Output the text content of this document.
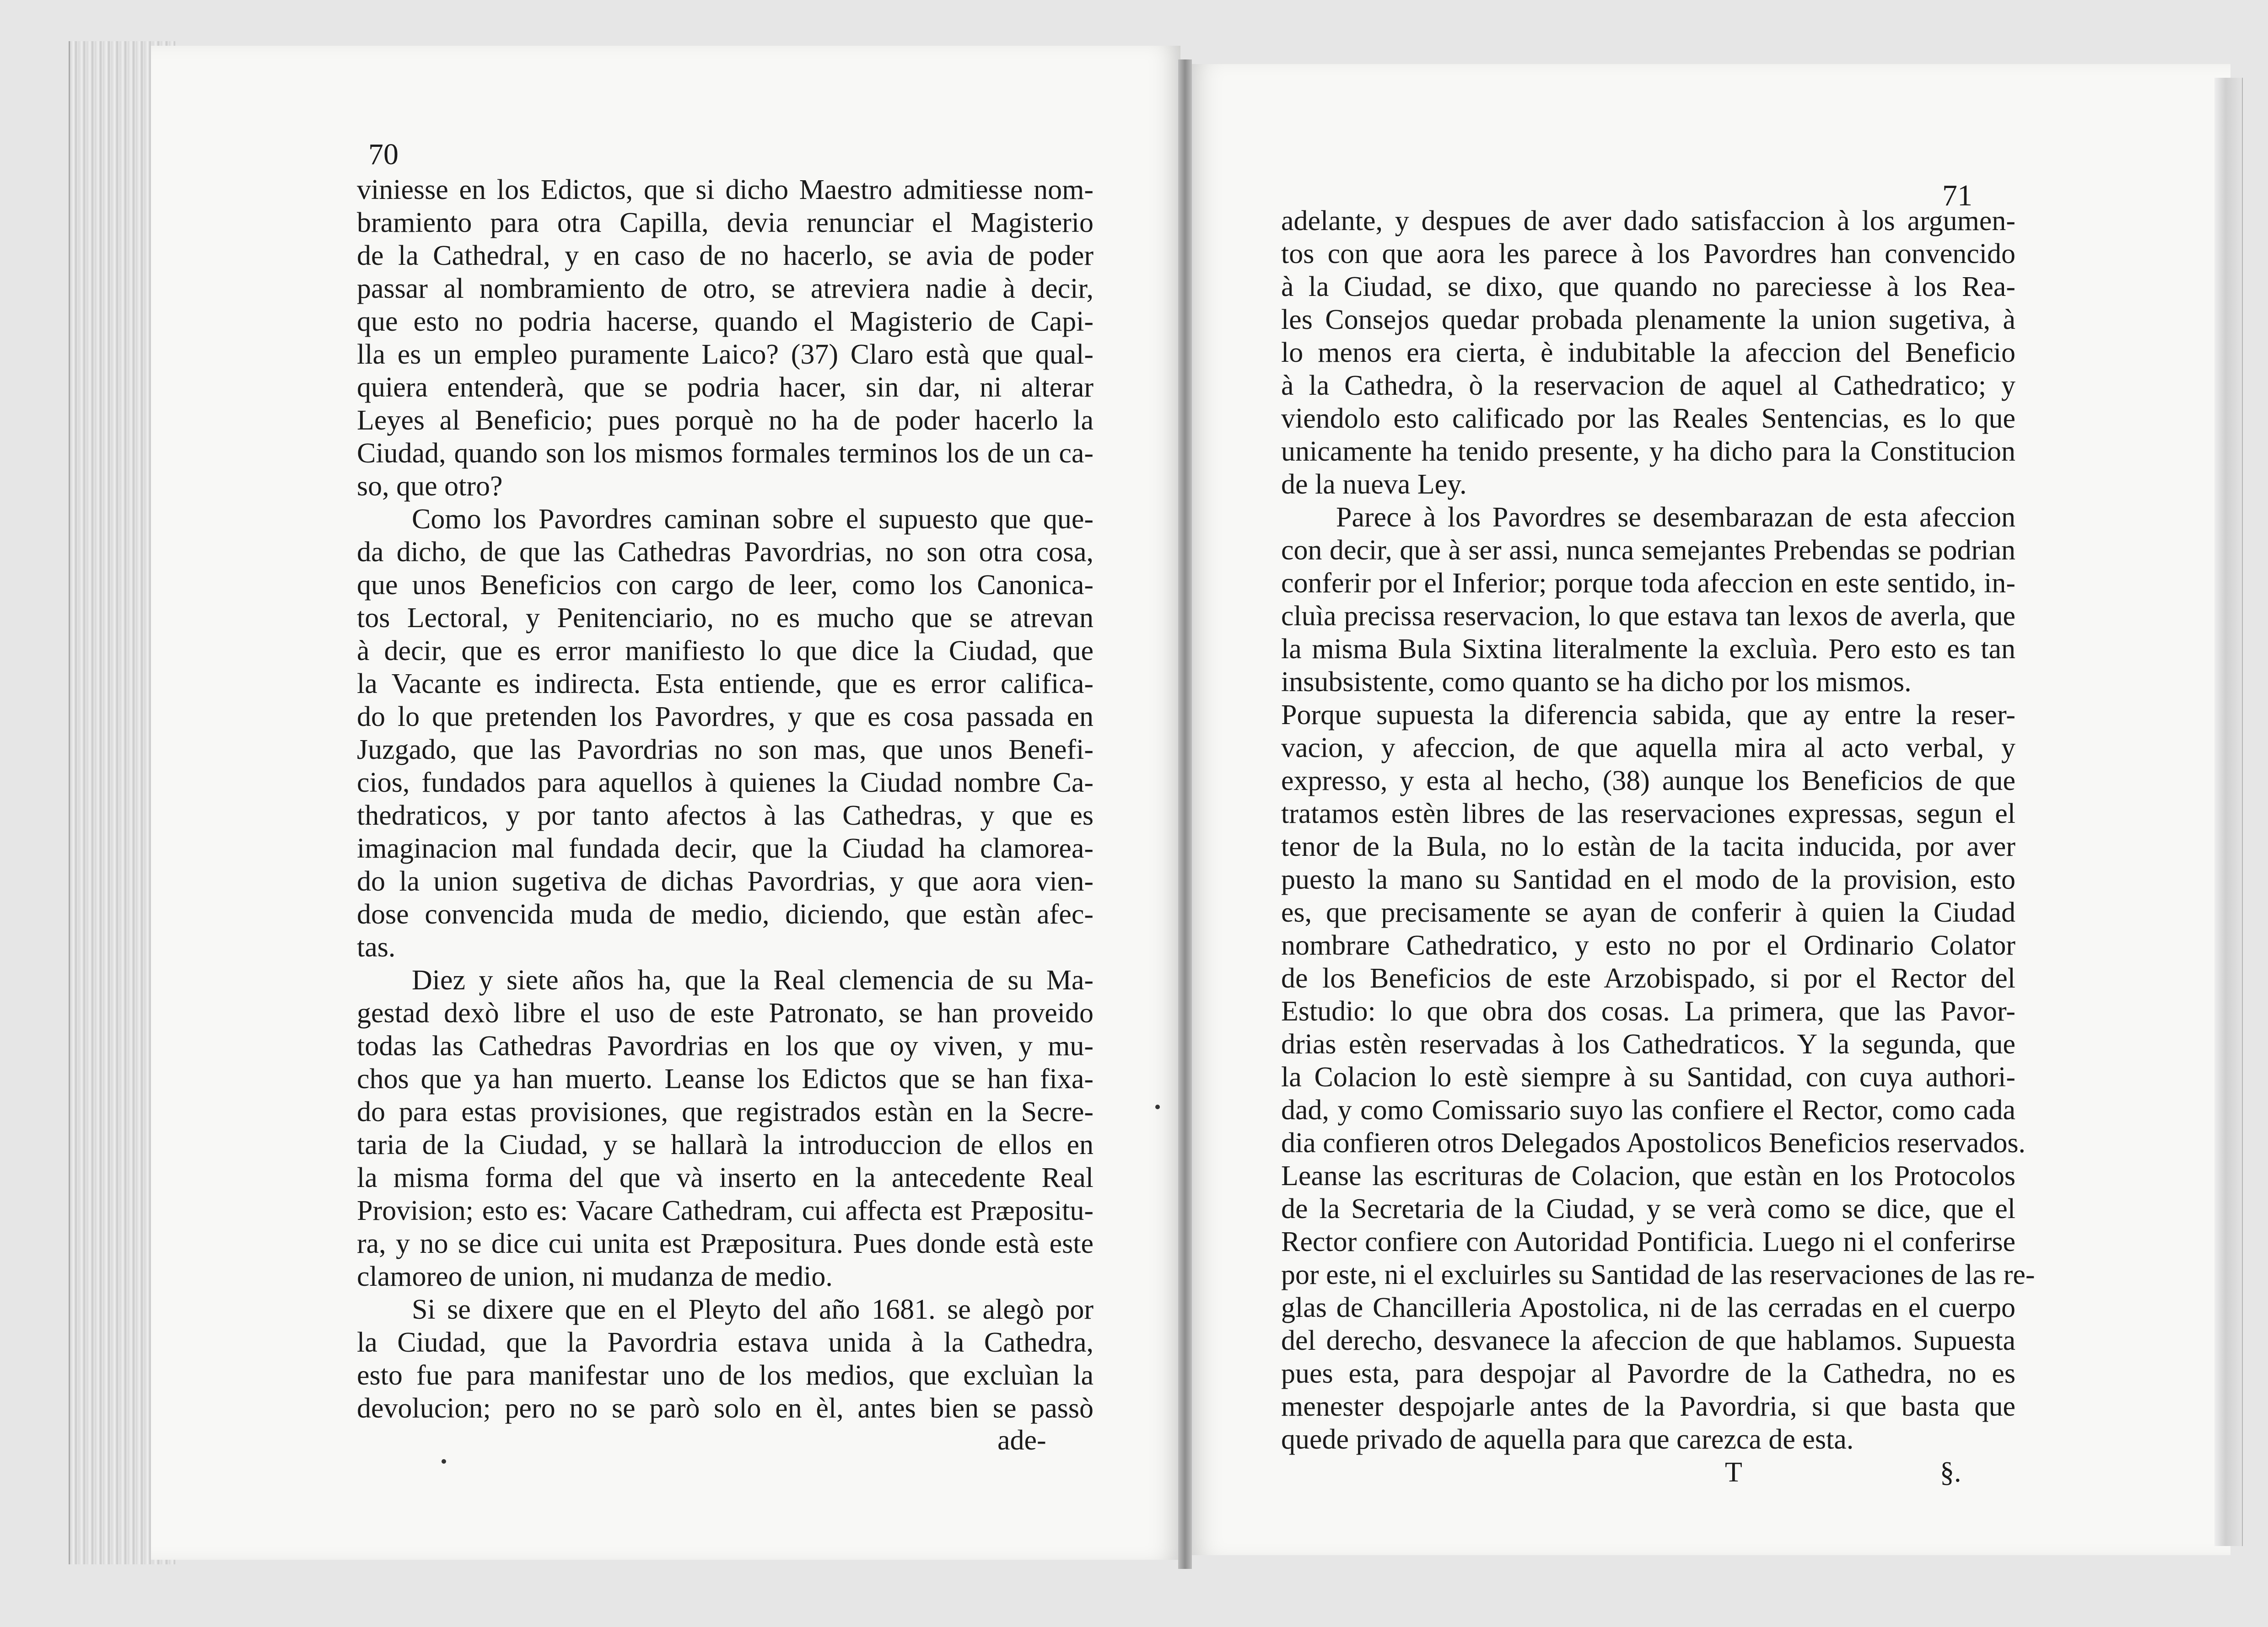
70
71
viniesse en los Edictos, que si dicho Maestro admitiesse nom-
bramiento para otra Capilla, devia renunciar el Magisterio
de la Cathedral, y en caso de no hacerlo, se avia de poder
passar al nombramiento de otro, se atreviera nadie à decir,
que esto no podria hacerse, quando el Magisterio de Capi-
lla es un empleo puramente Laico? (37) Claro està que qual-
quiera entenderà, que se podria hacer, sin dar, ni alterar
Leyes al Beneficio; pues porquè no ha de poder hacerlo la
Ciudad, quando son los mismos formales terminos los de un ca-
so, que otro?
Como los Pavordres caminan sobre el supuesto que que-
da dicho, de que las Cathedras Pavordrias, no son otra cosa,
que unos Beneficios con cargo de leer, como los Canonica-
tos Lectoral, y Penitenciario, no es mucho que se atrevan
à decir, que es error manifiesto lo que dice la Ciudad, que
la Vacante es indirecta. Esta entiende, que es error califica-
do lo que pretenden los Pavordres, y que es cosa passada en
Juzgado, que las Pavordrias no son mas, que unos Benefi-
cios, fundados para aquellos à quienes la Ciudad nombre Ca-
thedraticos, y por tanto afectos à las Cathedras, y que es
imaginacion mal fundada decir, que la Ciudad ha clamorea-
do la union sugetiva de dichas Pavordrias, y que aora vien-
dose convencida muda de medio, diciendo, que estàn afec-
tas.
Diez y siete años ha, que la Real clemencia de su Ma-
gestad dexò libre el uso de este Patronato, se han proveido
todas las Cathedras Pavordrias en los que oy viven, y mu-
chos que ya han muerto. Leanse los Edictos que se han fixa-
do para estas provisiones, que registrados estàn en la Secre-
taria de la Ciudad, y se hallarà la introduccion de ellos en
la misma forma del que và inserto en la antecedente Real
Provision; esto es: Vacare Cathedram, cui affecta est Præpositu-
ra, y no se dice cui unita est Præpositura. Pues donde està este
clamoreo de union, ni mudanza de medio.
Si se dixere que en el Pleyto del año 1681. se alegò por
la Ciudad, que la Pavordria estava unida à la Cathedra,
esto fue para manifestar uno de los medios, que excluìan la
devolucion; pero no se parò solo en èl, antes bien se passò
ade-
adelante, y despues de aver dado satisfaccion à los argumen-
tos con que aora les parece à los Pavordres han convencido
à la Ciudad, se dixo, que quando no pareciesse à los Rea-
les Consejos quedar probada plenamente la union sugetiva, à
lo menos era cierta, è indubitable la afeccion del Beneficio
à la Cathedra, ò la reservacion de aquel al Cathedratico; y
viendolo esto calificado por las Reales Sentencias, es lo que
unicamente ha tenido presente, y ha dicho para la Constitucion
de la nueva Ley.
Parece à los Pavordres se desembarazan de esta afeccion
con decir, que à ser assi, nunca semejantes Prebendas se podrian
conferir por el Inferior; porque toda afeccion en este sentido, in-
cluìa precissa reservacion, lo que estava tan lexos de averla, que
la misma Bula Sixtina literalmente la excluìa. Pero esto es tan
insubsistente, como quanto se ha dicho por los mismos.
Porque supuesta la diferencia sabida, que ay entre la reser-
vacion, y afeccion, de que aquella mira al acto verbal, y
expresso, y esta al hecho, (38) aunque los Beneficios de que
tratamos estèn libres de las reservaciones expressas, segun el
tenor de la Bula, no lo estàn de la tacita inducida, por aver
puesto la mano su Santidad en el modo de la provision, esto
es, que precisamente se ayan de conferir à quien la Ciudad
nombrare Cathedratico, y esto no por el Ordinario Colator
de los Beneficios de este Arzobispado, si por el Rector del
Estudio: lo que obra dos cosas. La primera, que las Pavor-
drias estèn reservadas à los Cathedraticos. Y la segunda, que
la Colacion lo estè siempre à su Santidad, con cuya authori-
dad, y como Comissario suyo las confiere el Rector, como cada
dia confieren otros Delegados Apostolicos Beneficios reservados.
Leanse las escrituras de Colacion, que estàn en los Protocolos
de la Secretaria de la Ciudad, y se verà como se dice, que el
Rector confiere con Autoridad Pontificia. Luego ni el conferirse
por este, ni el excluirles su Santidad de las reservaciones de las re-
glas de Chancilleria Apostolica, ni de las cerradas en el cuerpo
del derecho, desvanece la afeccion de que hablamos. Supuesta
pues esta, para despojar al Pavordre de la Cathedra, no es
menester despojarle antes de la Pavordria, si que basta que
quede privado de aquella para que carezca de esta.
T	§.
